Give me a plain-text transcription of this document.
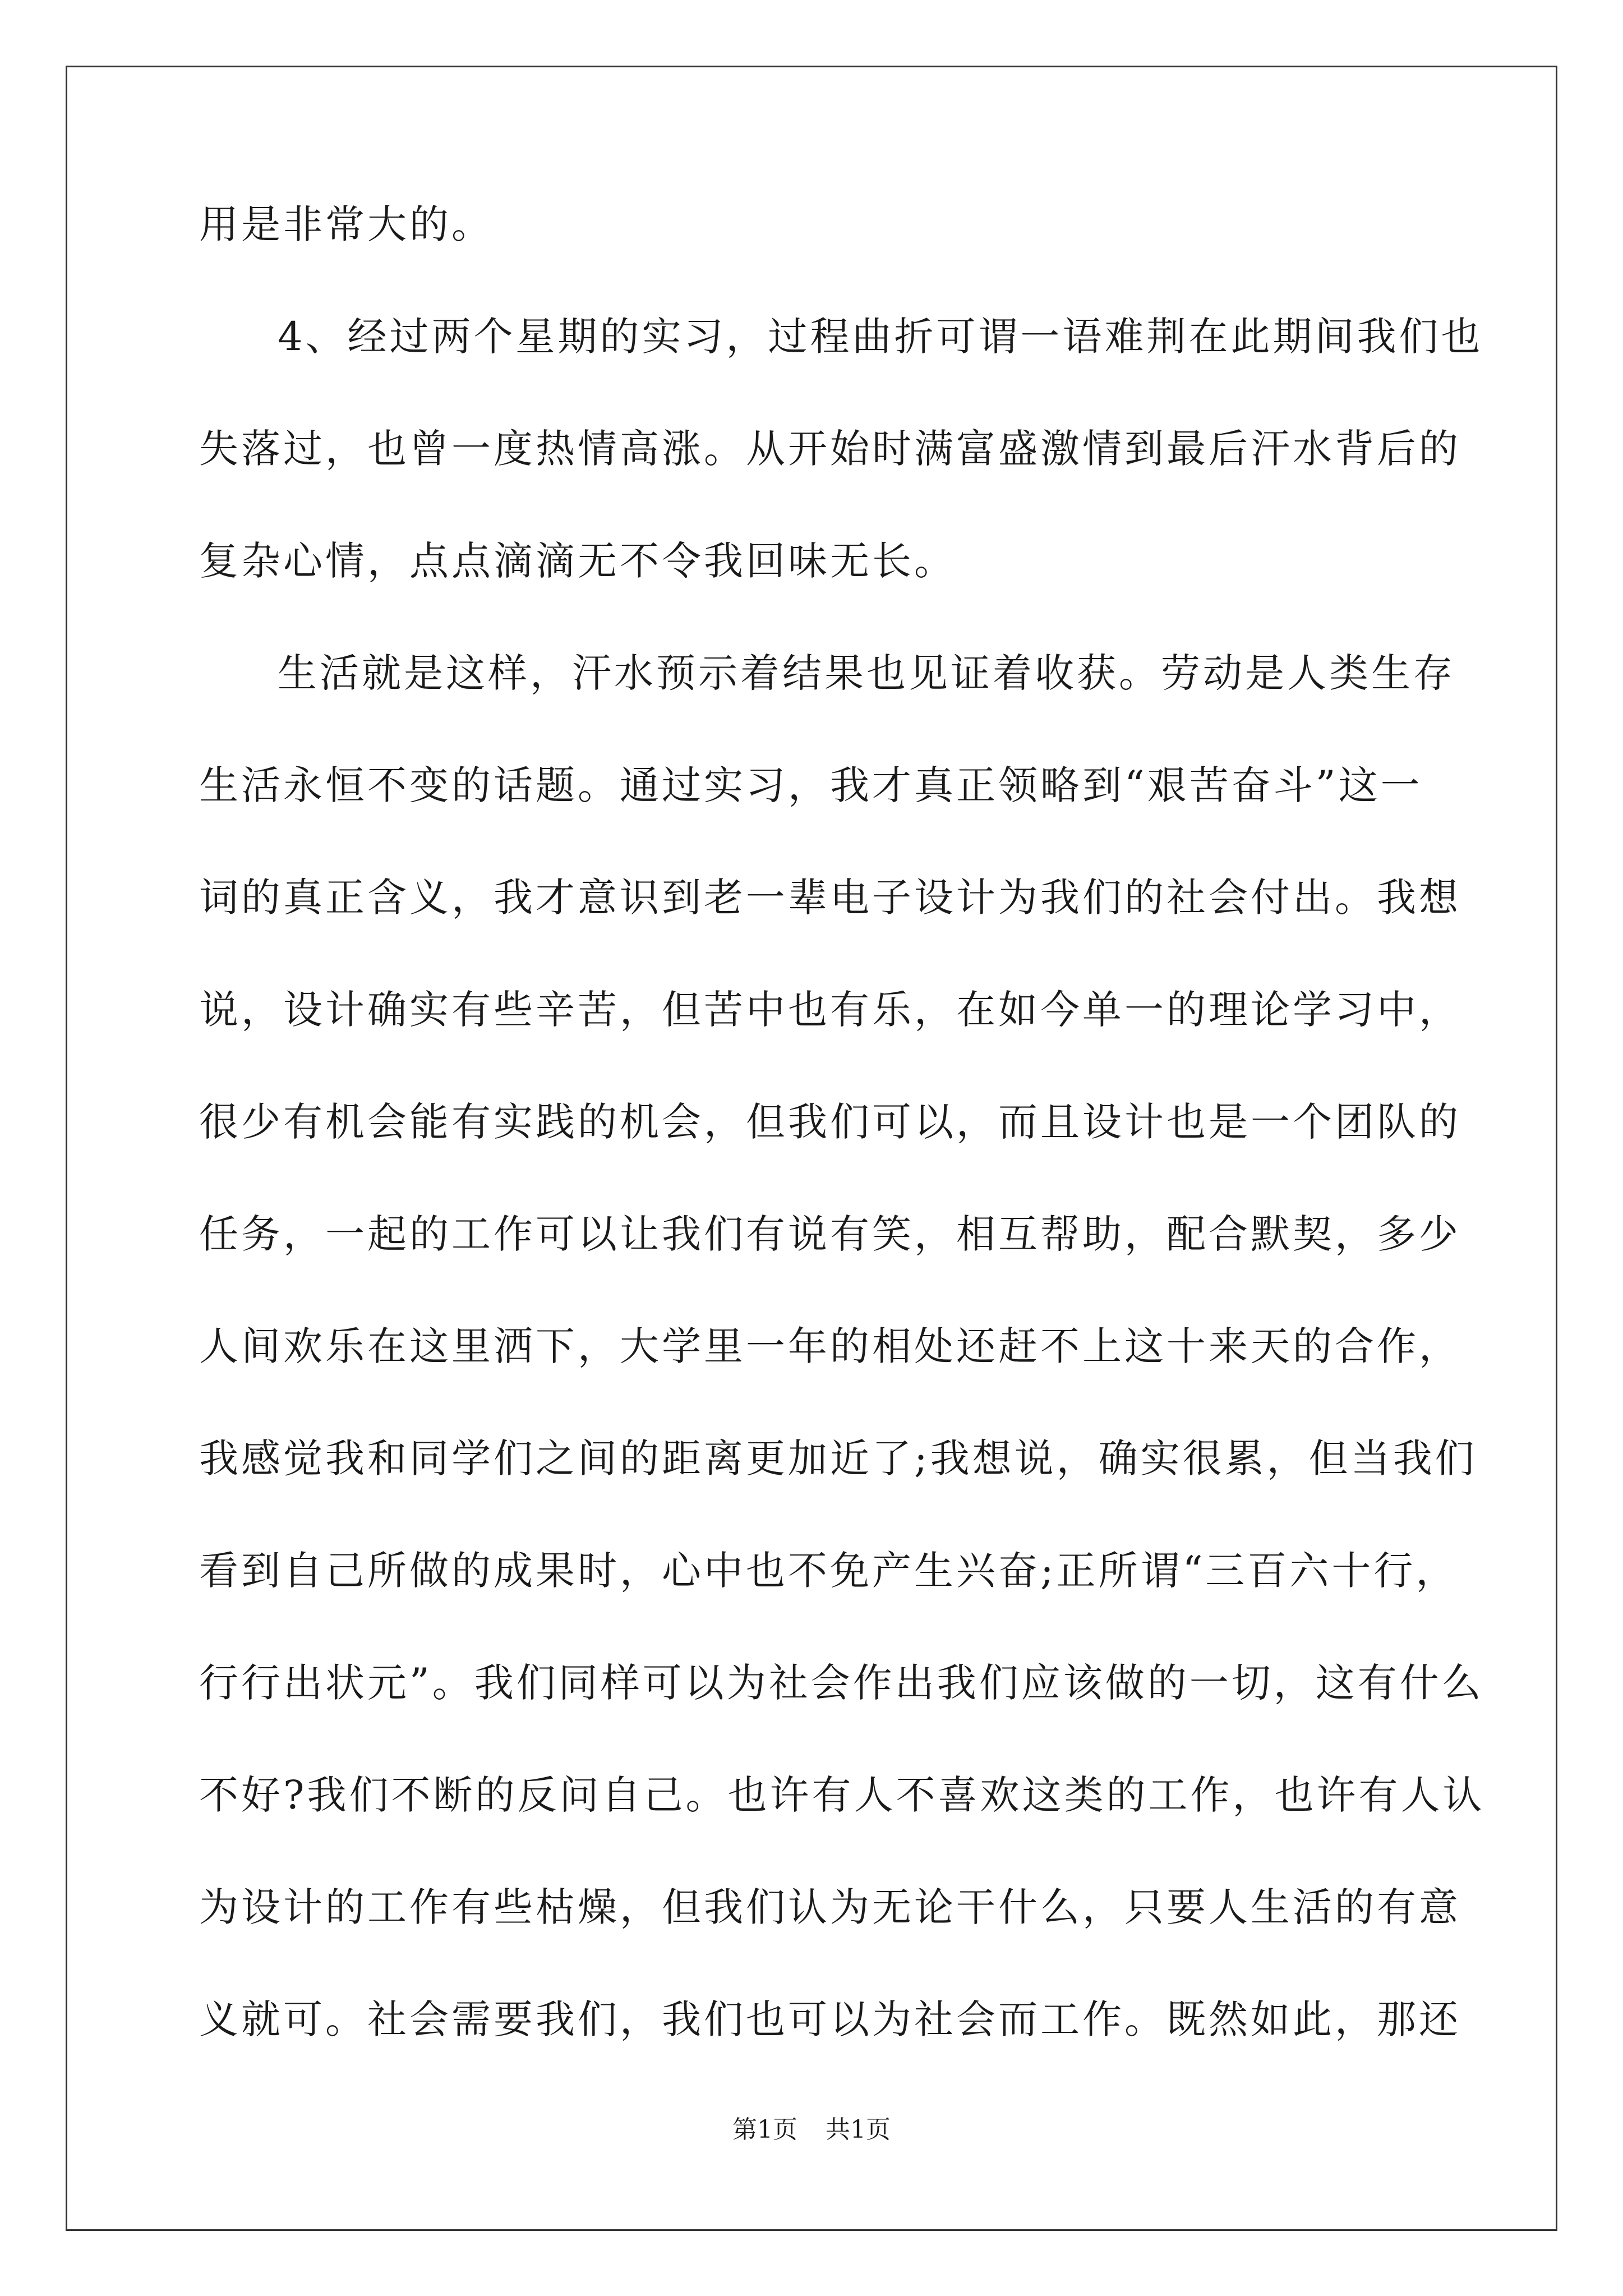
用是非常大的。
4、经过两个星期的实习，过程曲折可谓一语难荆在此期间我们也
失落过，也曾一度热情高涨。从开始时满富盛激情到最后汗水背后的
复杂心情，点点滴滴无不令我回味无长。
生活就是这样，汗水预示着结果也见证着收获。劳动是人类生存
生活永恒不变的话题。通过实习，我才真正领略到“艰苦奋斗”这一
词的真正含义，我才意识到老一辈电子设计为我们的社会付出。我想
说，设计确实有些辛苦，但苦中也有乐，在如今单一的理论学习中，
很少有机会能有实践的机会，但我们可以，而且设计也是一个团队的
任务，一起的工作可以让我们有说有笑，相互帮助，配合默契，多少
人间欢乐在这里洒下，大学里一年的相处还赶不上这十来天的合作，
我感觉我和同学们之间的距离更加近了;我想说，确实很累，但当我们
看到自己所做的成果时，心中也不免产生兴奋;正所谓“三百六十行，
行行出状元”。我们同样可以为社会作出我们应该做的一切，这有什么
不好?我们不断的反问自己。也许有人不喜欢这类的工作，也许有人认
为设计的工作有些枯燥，但我们认为无论干什么，只要人生活的有意
义就可。社会需要我们，我们也可以为社会而工作。既然如此，那还
第1页 共1页
